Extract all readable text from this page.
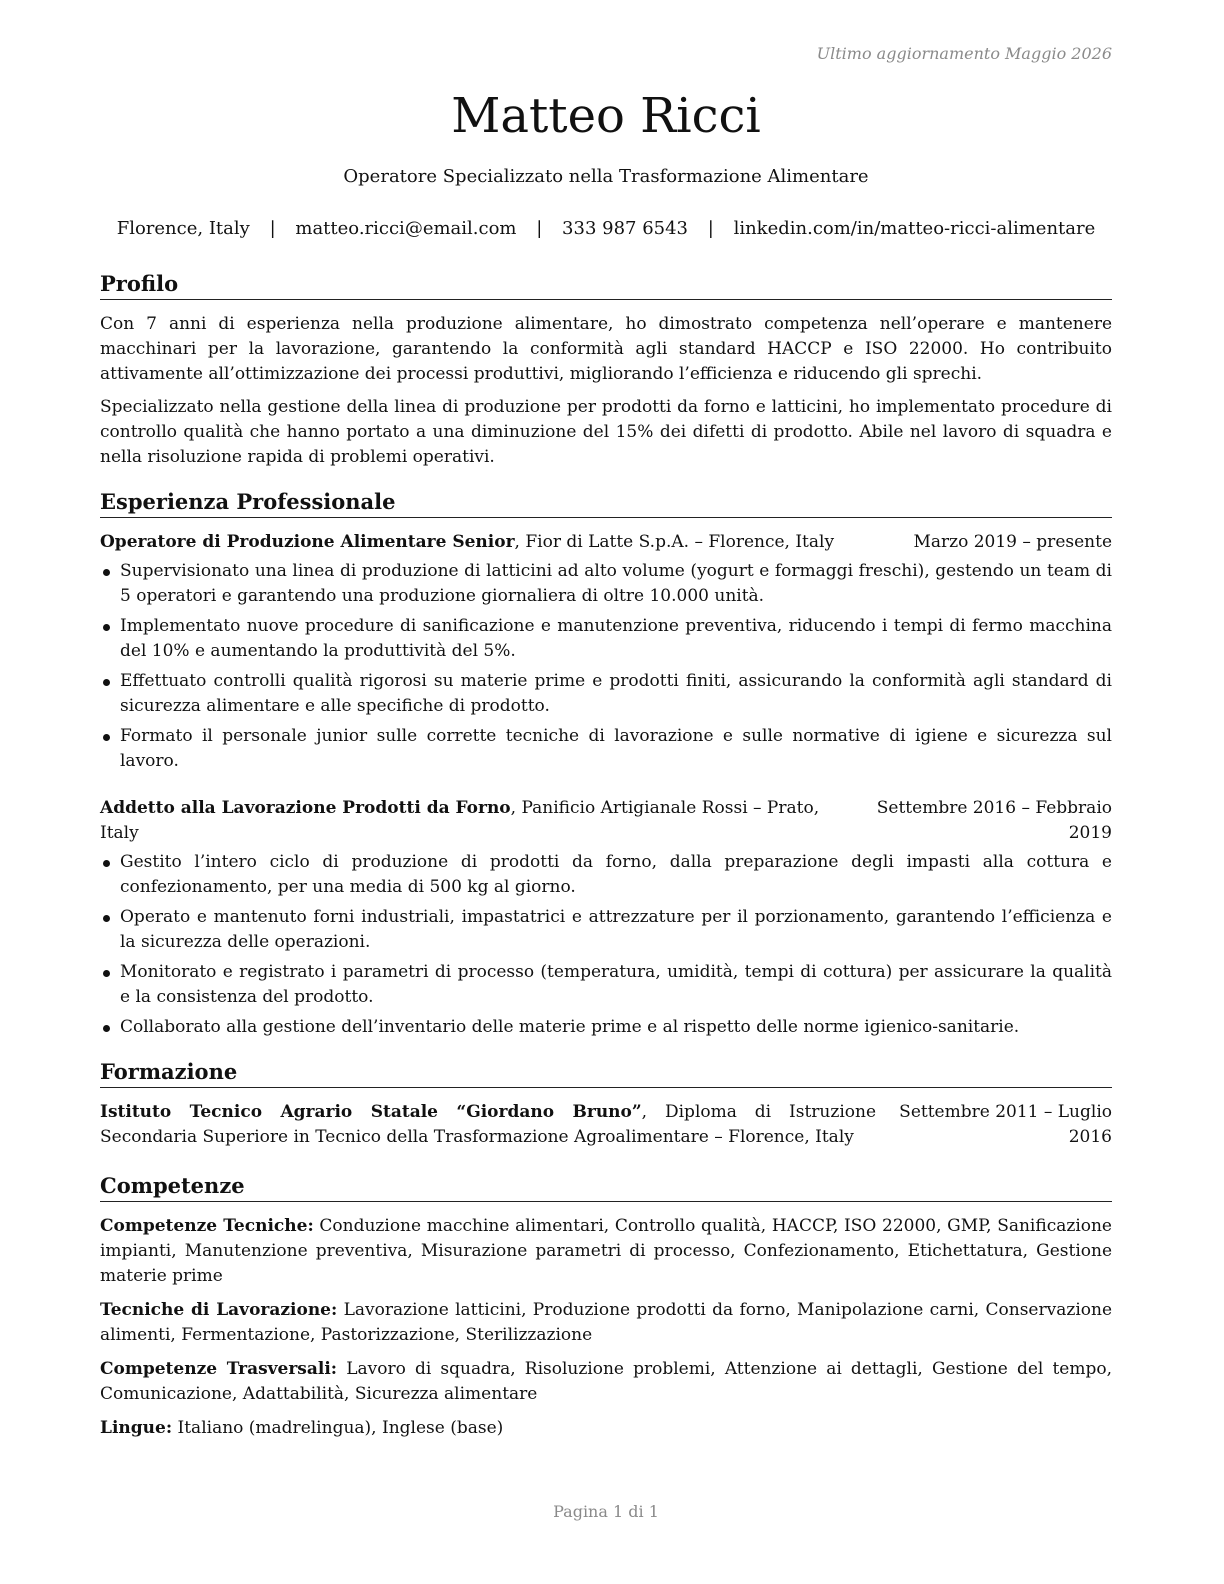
Ultimo aggiornamento Maggio 2026
Matteo Ricci
Operatore Specializzato nella Trasformazione Alimentare
Florence, Italy | matteo.ricci@email.com | 333 987 6543 | linkedin.com/in/matteo-ricci-alimentare
Profilo

Con 7 anni di esperienza nella produzione alimentare, ho dimostrato competenza nell’operare e mantenere macchinari per la lavorazione, garantendo la conformità agli standard HACCP e ISO 22000. Ho contribuito attivamente all’ottimizzazione dei processi produttivi, migliorando l’efficienza e riducendo gli sprechi.

Specializzato nella gestione della linea di produzione per prodotti da forno e latticini, ho implementato procedure di controllo qualità che hanno portato a una diminuzione del 15% dei difetti di prodotto. Abile nel lavoro di squadra e nella risoluzione rapida di problemi operativi.

Esperienza Professionale
Operatore di Produzione Alimentare Senior, Fior di Latte S.p.A. – Florence, Italy	Marzo 2019 – presente
Supervisionato una linea di produzione di latticini ad alto volume (yogurt e formaggi freschi), gestendo un team di 5 operatori e garantendo una produzione giornaliera di oltre 10.000 unità.
Implementato nuove procedure di sanificazione e manutenzione preventiva, riducendo i tempi di fermo macchina del 10% e aumentando la produttività del 5%.
Effettuato controlli qualità rigorosi su materie prime e prodotti finiti, assicurando la conformità agli standard di sicurezza alimentare e alle specifiche di prodotto.
Formato il personale junior sulle corrette tecniche di lavorazione e sulle normative di igiene e sicurezza sul lavoro.
Addetto alla Lavorazione Prodotti da Forno, Panificio Artigianale Rossi – Prato, Italy
Settembre 2016 – Febbraio 2019
Gestito l’intero ciclo di produzione di prodotti da forno, dalla preparazione degli impasti alla cottura e confezionamento, per una media di 500 kg al giorno.
Operato e mantenuto forni industriali, impastatrici e attrezzature per il porzionamento, garantendo l’efficienza e la sicurezza delle operazioni.
Monitorato e registrato i parametri di processo (temperatura, umidità, tempi di cottura) per assicurare la qualità e la consistenza del prodotto.
Collaborato alla gestione dell’inventario delle materie prime e al rispetto delle norme igienico-sanitarie.
Formazione
Istituto Tecnico Agrario Statale “Giordano Bruno”, Diploma di Istruzione Secondaria Superiore in Tecnico della Trasformazione Agroalimentare – Florence, Italy
Settembre 2011 – Luglio 2016
Competenze
Competenze Tecniche: Conduzione macchine alimentari, Controllo qualità, HACCP, ISO 22000, GMP, Sanificazione impianti, Manutenzione preventiva, Misurazione parametri di processo, Confezionamento, Etichettatura, Gestione materie prime
Tecniche di Lavorazione: Lavorazione latticini, Produzione prodotti da forno, Manipolazione carni, Conservazione alimenti, Fermentazione, Pastorizzazione, Sterilizzazione
Competenze Trasversali: Lavoro di squadra, Risoluzione problemi, Attenzione ai dettagli, Gestione del tempo, Comunicazione, Adattabilità, Sicurezza alimentare
Lingue: Italiano (madrelingua), Inglese (base)
Pagina 1 di 1
